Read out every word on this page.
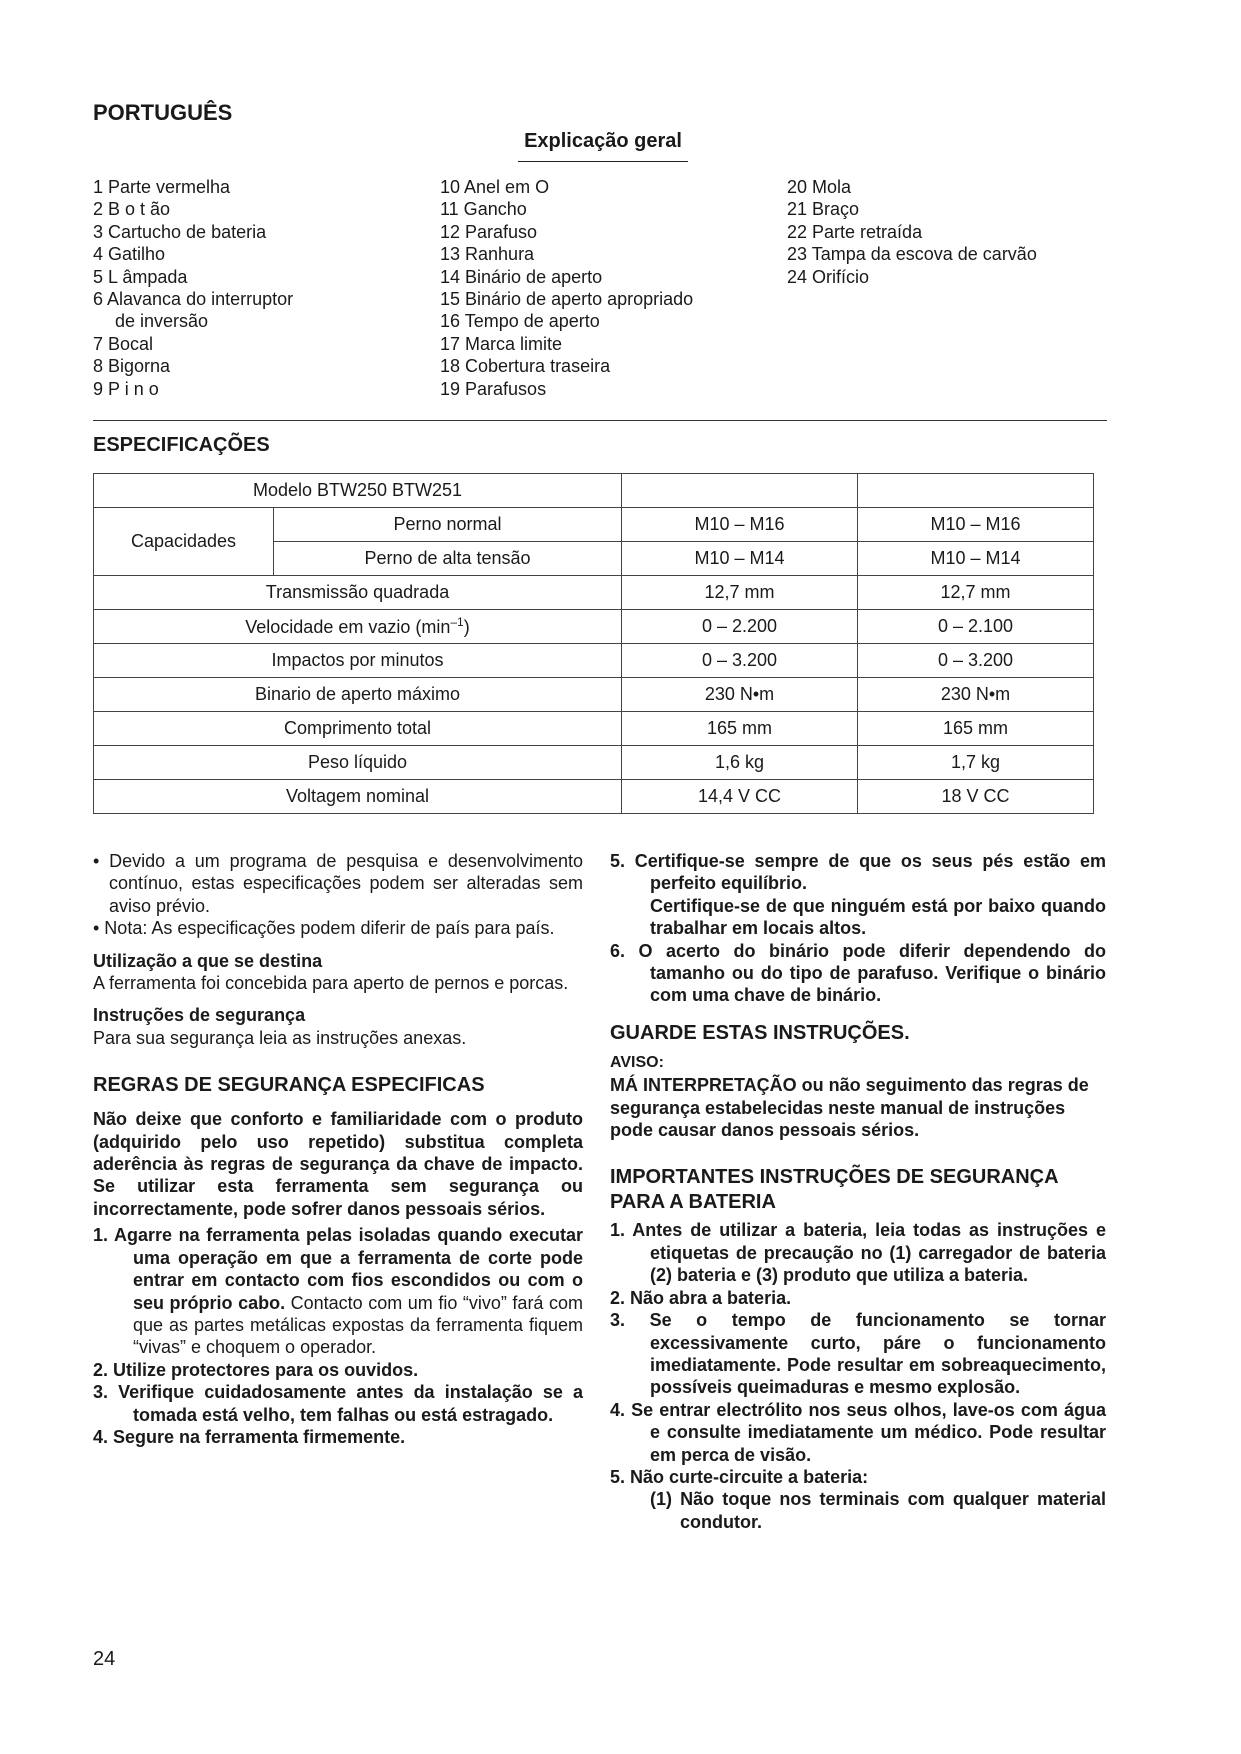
PORTUGUÊS
Explicação geral
1 Parte vermelha
2 B o t ão
3 Cartucho de bateria
4 Gatilho
5 L âmpada
6 Alavanca do interruptor
de inversão
7 Bocal
8 Bigorna
9 P i n o
10 Anel em O
11 Gancho
12 Parafuso
13 Ranhura
14 Binário de aperto
15 Binário de aperto apropriado
16 Tempo de aperto
17 Marca limite
18 Cobertura traseira
19 Parafusos
20 Mola
21 Braço
22 Parte retraída
23 Tampa da escova de carvão
24 Orifício
ESPECIFICAÇÕES
Modelo BTW250 BTW251			
Capacidades	Perno normal	M10 – M16	M10 – M16
	Perno de alta tensão	M10 – M14	M10 – M14
Transmissão quadrada		12,7 mm	12,7 mm
Velocidade em vazio $(\min^{-1})$		0 – 2.200	0 – 2.100
Impactos por minutos		0 – 3.200	0 – 3.200
Binario de aperto máximo		230 N•m	230 N•m
Comprimento total		165 mm	165 mm
Peso líquido		1,6 kg	1,7 kg
Voltagem nominal		14,4 V CC	18 V CC

• Devido a um programa de pesquisa e desenvolvimento contínuo, estas especificações podem ser alteradas sem aviso prévio.

• Nota: As especificações podem diferir de país para país.

Utilização a que se destina

A ferramenta foi concebida para aperto de pernos e porcas.

Instruções de segurança

Para sua segurança leia as instruções anexas.

REGRAS DE SEGURANÇA ESPECIFICAS

Não deixe que conforto e familiaridade com o produto (adquirido pelo uso repetido) substitua completa aderência às regras de segurança da chave de impacto. Se utilizar esta ferramenta sem segurança ou incorrectamente, pode sofrer danos pessoais sérios.

1. Agarre na ferramenta pelas isoladas quando executar uma operação em que a ferramenta de corte pode entrar em contacto com fios escondidos ou com o seu próprio cabo. Contacto com um fio “vivo” fará com que as partes metálicas expostas da ferramenta fiquem “vivas” e choquem o operador.

2. Utilize protectores para os ouvidos.

3. Verifique cuidadosamente antes da instalação se a tomada está velho, tem falhas ou está estragado.

4. Segure na ferramenta firmemente.

5. Certifique-se sempre de que os seus pés estão em perfeito equilíbrio.

Certifique-se de que ninguém está por baixo quando trabalhar em locais altos.

6. O acerto do binário pode diferir dependendo do tamanho ou do tipo de parafuso. Verifique o binário com uma chave de binário.

GUARDE ESTAS INSTRUÇÕES.

AVISO:

MÁ INTERPRETAÇÃO ou não seguimento das regras de segurança estabelecidas neste manual de instruções pode causar danos pessoais sérios.

IMPORTANTES INSTRUÇÕES DE SEGURANÇA PARA A BATERIA

1. Antes de utilizar a bateria, leia todas as instruções e etiquetas de precaução no (1) carregador de bateria (2) bateria e (3) produto que utiliza a bateria.

2. Não abra a bateria.

3. Se o tempo de funcionamento se tornar excessivamente curto, páre o funcionamento imediatamente. Pode resultar em sobreaquecimento, possíveis queimaduras e mesmo explosão.

4. Se entrar electrólito nos seus olhos, lave-os com água e consulte imediatamente um médico. Pode resultar em perca de visão.

5. Não curte-circuite a bateria:

(1) Não toque nos terminais com qualquer material condutor.

24
